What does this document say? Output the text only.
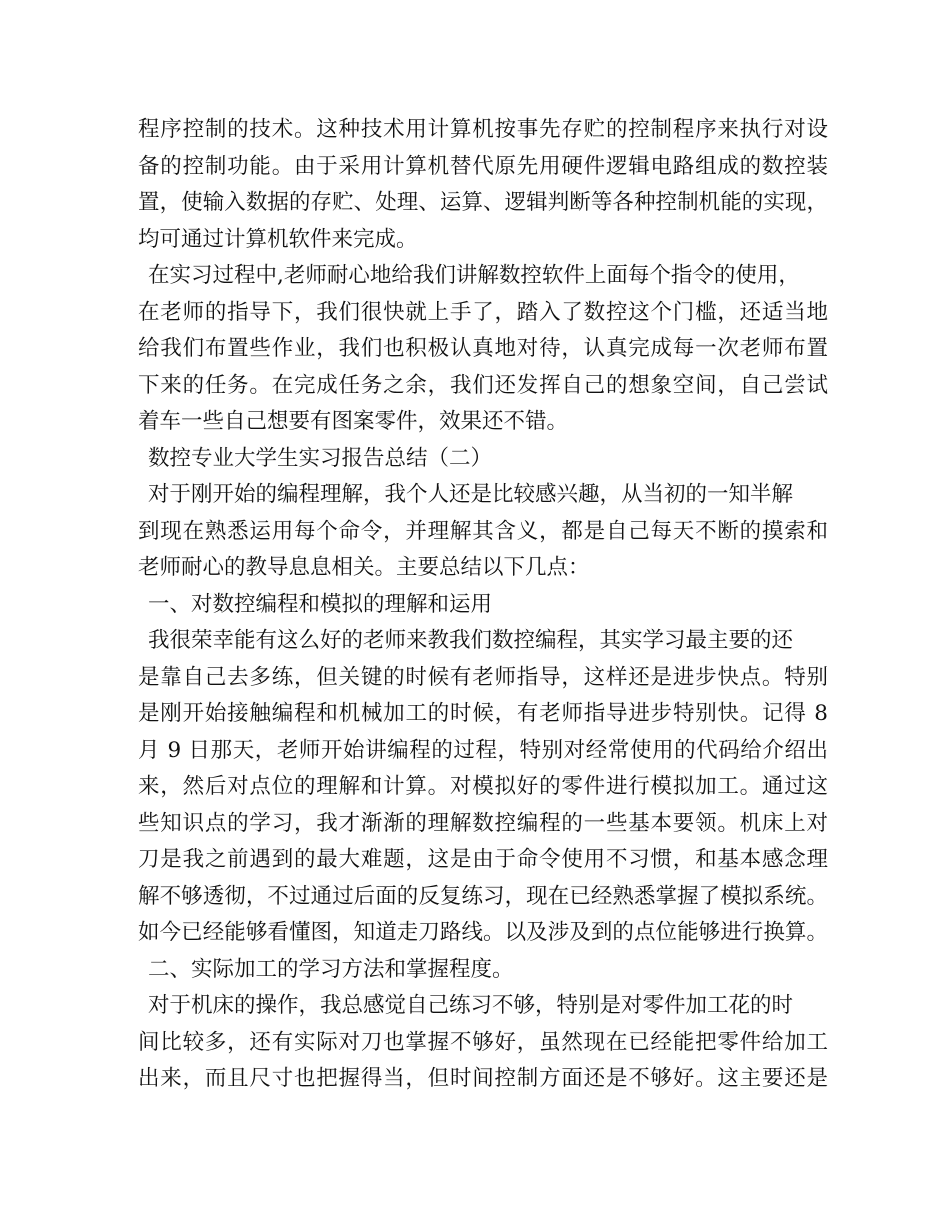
程序控制的技术。这种技术用计算机按事先存贮的控制程序来执行对设
备的控制功能。由于采用计算机替代原先用硬件逻辑电路组成的数控装
置，使输入数据的存贮、处理、运算、逻辑判断等各种控制机能的实现，
均可通过计算机软件来完成。
在实习过程中,老师耐心地给我们讲解数控软件上面每个指令的使用，
在老师的指导下，我们很快就上手了，踏入了数控这个门槛，还适当地
给我们布置些作业，我们也积极认真地对待，认真完成每一次老师布置
下来的任务。在完成任务之余，我们还发挥自己的想象空间，自己尝试
着车一些自己想要有图案零件，效果还不错。
数控专业大学生实习报告总结（二）
对于刚开始的编程理解，我个人还是比较感兴趣，从当初的一知半解
到现在熟悉运用每个命令，并理解其含义，都是自己每天不断的摸索和
老师耐心的教导息息相关。主要总结以下几点：
一、对数控编程和模拟的理解和运用
我很荣幸能有这么好的老师来教我们数控编程，其实学习最主要的还
是靠自己去多练，但关键的时候有老师指导，这样还是进步快点。特别
是刚开始接触编程和机械加工的时候，有老师指导进步特别快。记得 8
月 9 日那天，老师开始讲编程的过程，特别对经常使用的代码给介绍出
来，然后对点位的理解和计算。对模拟好的零件进行模拟加工。通过这
些知识点的学习，我才渐渐的理解数控编程的一些基本要领。机床上对
刀是我之前遇到的最大难题，这是由于命令使用不习惯，和基本感念理
解不够透彻，不过通过后面的反复练习，现在已经熟悉掌握了模拟系统。
如今已经能够看懂图，知道走刀路线。以及涉及到的点位能够进行换算。
二、实际加工的学习方法和掌握程度。
对于机床的操作，我总感觉自己练习不够，特别是对零件加工花的时
间比较多，还有实际对刀也掌握不够好，虽然现在已经能把零件给加工
出来，而且尺寸也把握得当，但时间控制方面还是不够好。这主要还是
